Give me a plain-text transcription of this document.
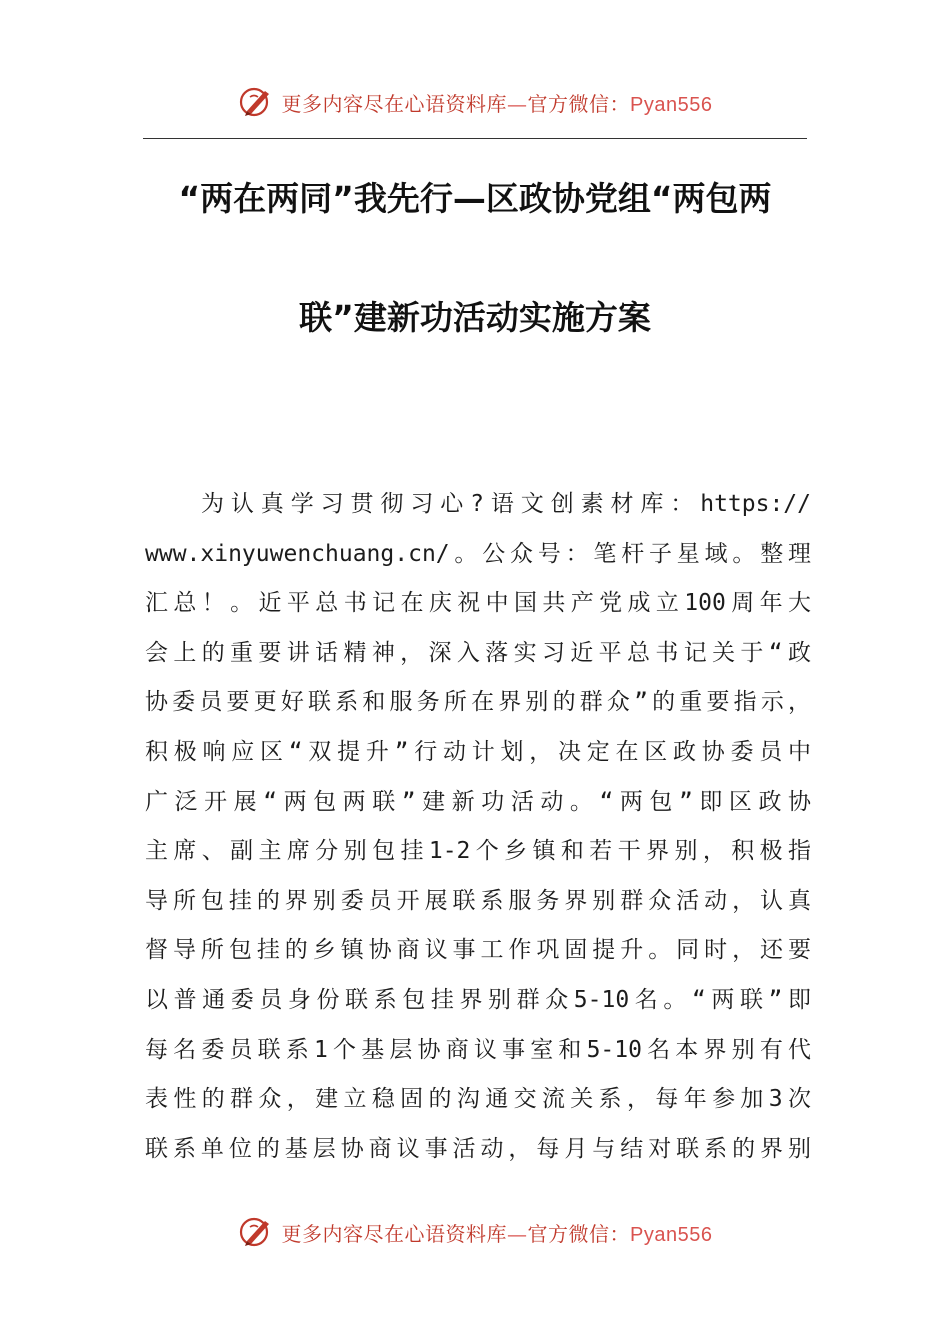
更多内容尽在心语资料库—官方微信：Pyan556
“两在两同”我先行—区政协党组“两包两
联”建新功活动实施方案
为认真学习贯彻习心?语文创素材库：https://
www.xinyuwenchuang.cn/。公众号：笔杆子星域。整理
汇总！。近平总书记在庆祝中国共产党成立100周年大
会上的重要讲话精神，深入落实习近平总书记关于“政
协委员要更好联系和服务所在界别的群众”的重要指示，
积极响应区“双提升”行动计划，决定在区政协委员中
广泛开展“两包两联”建新功活动。“两包”即区政协
主席、副主席分别包挂1-2个乡镇和若干界别，积极指
导所包挂的界别委员开展联系服务界别群众活动，认真
督导所包挂的乡镇协商议事工作巩固提升。同时，还要
以普通委员身份联系包挂界别群众5-10名。“两联”即
每名委员联系1个基层协商议事室和5-10名本界别有代
表性的群众，建立稳固的沟通交流关系，每年参加3次
联系单位的基层协商议事活动，每月与结对联系的界别
更多内容尽在心语资料库—官方微信：Pyan556
